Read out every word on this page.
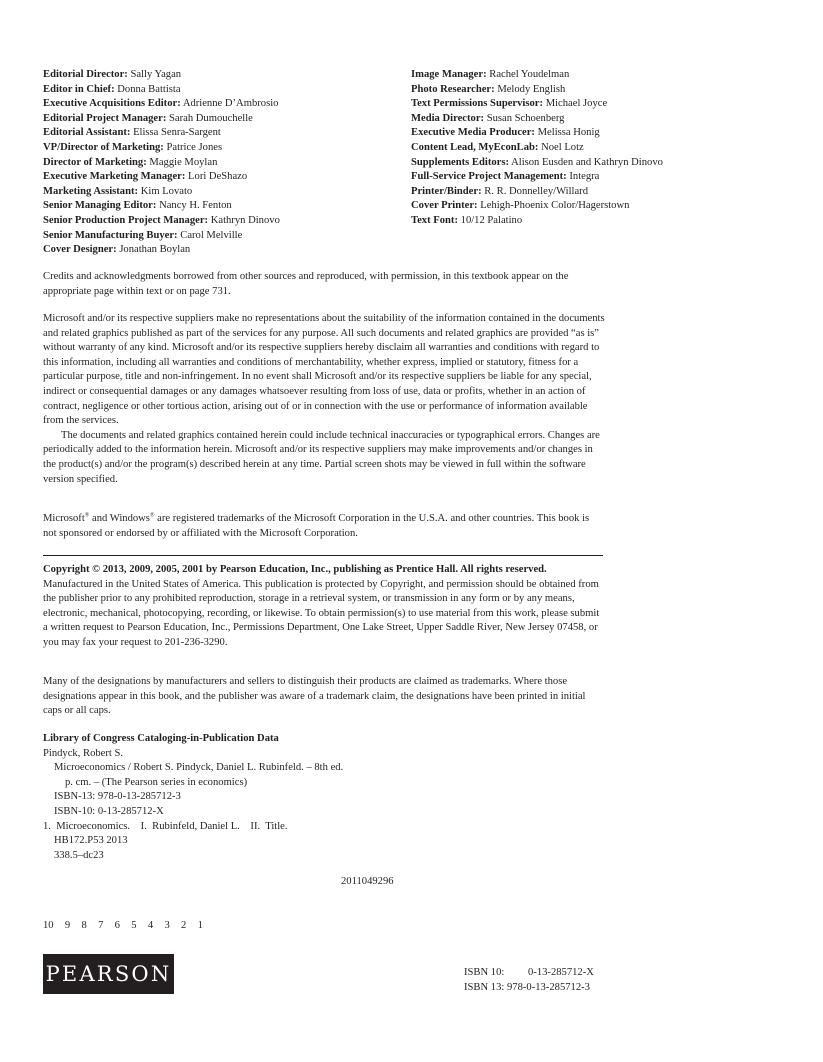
Editorial Director: Sally Yagan
Editor in Chief: Donna Battista
Executive Acquisitions Editor: Adrienne D’Ambrosio
Editorial Project Manager: Sarah Dumouchelle
Editorial Assistant: Elissa Senra-Sargent
VP/Director of Marketing: Patrice Jones
Director of Marketing: Maggie Moylan
Executive Marketing Manager: Lori DeShazo
Marketing Assistant: Kim Lovato
Senior Managing Editor: Nancy H. Fenton
Senior Production Project Manager: Kathryn Dinovo
Senior Manufacturing Buyer: Carol Melville
Cover Designer: Jonathan Boylan
Image Manager: Rachel Youdelman
Photo Researcher: Melody English
Text Permissions Supervisor: Michael Joyce
Media Director: Susan Schoenberg
Executive Media Producer: Melissa Honig
Content Lead, MyEconLab: Noel Lotz
Supplements Editors: Alison Eusden and Kathryn Dinovo
Full-Service Project Management: Integra
Printer/Binder: R. R. Donnelley/Willard
Cover Printer: Lehigh-Phoenix Color/Hagerstown
Text Font: 10/12 Palatino

Credits and acknowledgments borrowed from other sources and reproduced, with permission, in this textbook appear on the appropriate page within text or on page 731.

Microsoft and/or its respective suppliers make no representations about the suitability of the information contained in the documents and related graphics published as part of the services for any purpose. All such documents and related graphics are provided “as is” without warranty of any kind. Microsoft and/or its respective suppliers hereby disclaim all warranties and conditions with regard to this information, including all warranties and conditions of merchantability, whether express, implied or statutory, fitness for a particular purpose, title and non-infringement. In no event shall Microsoft and/or its respective suppliers be liable for any special, indirect or consequential damages or any damages whatsoever resulting from loss of use, data or profits, whether in an action of contract, negligence or other tortious action, arising out of or in connection with the use or performance of information available from the services.

The documents and related graphics contained herein could include technical inaccuracies or typographical errors. Changes are periodically added to the information herein. Microsoft and/or its respective suppliers may make improvements and/or changes in the product(s) and/or the program(s) described herein at any time. Partial screen shots may be viewed in full within the software version specified.

Microsoft® and Windows® are registered trademarks of the Microsoft Corporation in the U.S.A. and other countries. This book is not sponsored or endorsed by or affiliated with the Microsoft Corporation.

Copyright © 2013, 2009, 2005, 2001 by Pearson Education, Inc., publishing as Prentice Hall. All rights reserved. Manufactured in the United States of America. This publication is protected by Copyright, and permission should be obtained from the publisher prior to any prohibited reproduction, storage in a retrieval system, or transmission in any form or by any means, electronic, mechanical, photocopying, recording, or likewise. To obtain permission(s) to use material from this work, please submit a written request to Pearson Education, Inc., Permissions Department, One Lake Street, Upper Saddle River, New Jersey 07458, or you may fax your request to 201-236-3290.

Many of the designations by manufacturers and sellers to distinguish their products are claimed as trademarks. Where those designations appear in this book, and the publisher was aware of a trademark claim, the designations have been printed in initial caps or all caps.

Library of Congress Cataloging-in-Publication Data
Pindyck, Robert S.
Microeconomics / Robert S. Pindyck, Daniel L. Rubinfeld. – 8th ed.
p. cm. – (The Pearson series in economics)
ISBN-13: 978-0-13-285712-3
ISBN-10: 0-13-285712-X
1.  Microeconomics.    I.  Rubinfeld, Daniel L.    II.  Title.
HB172.P53 2013
338.5–dc23
2011049296
10  9  8  7  6  5  4  3  2  1
PEARSON	ISBN 10: 0-13-285712-X
ISBN 13: 978-0-13-285712-3
